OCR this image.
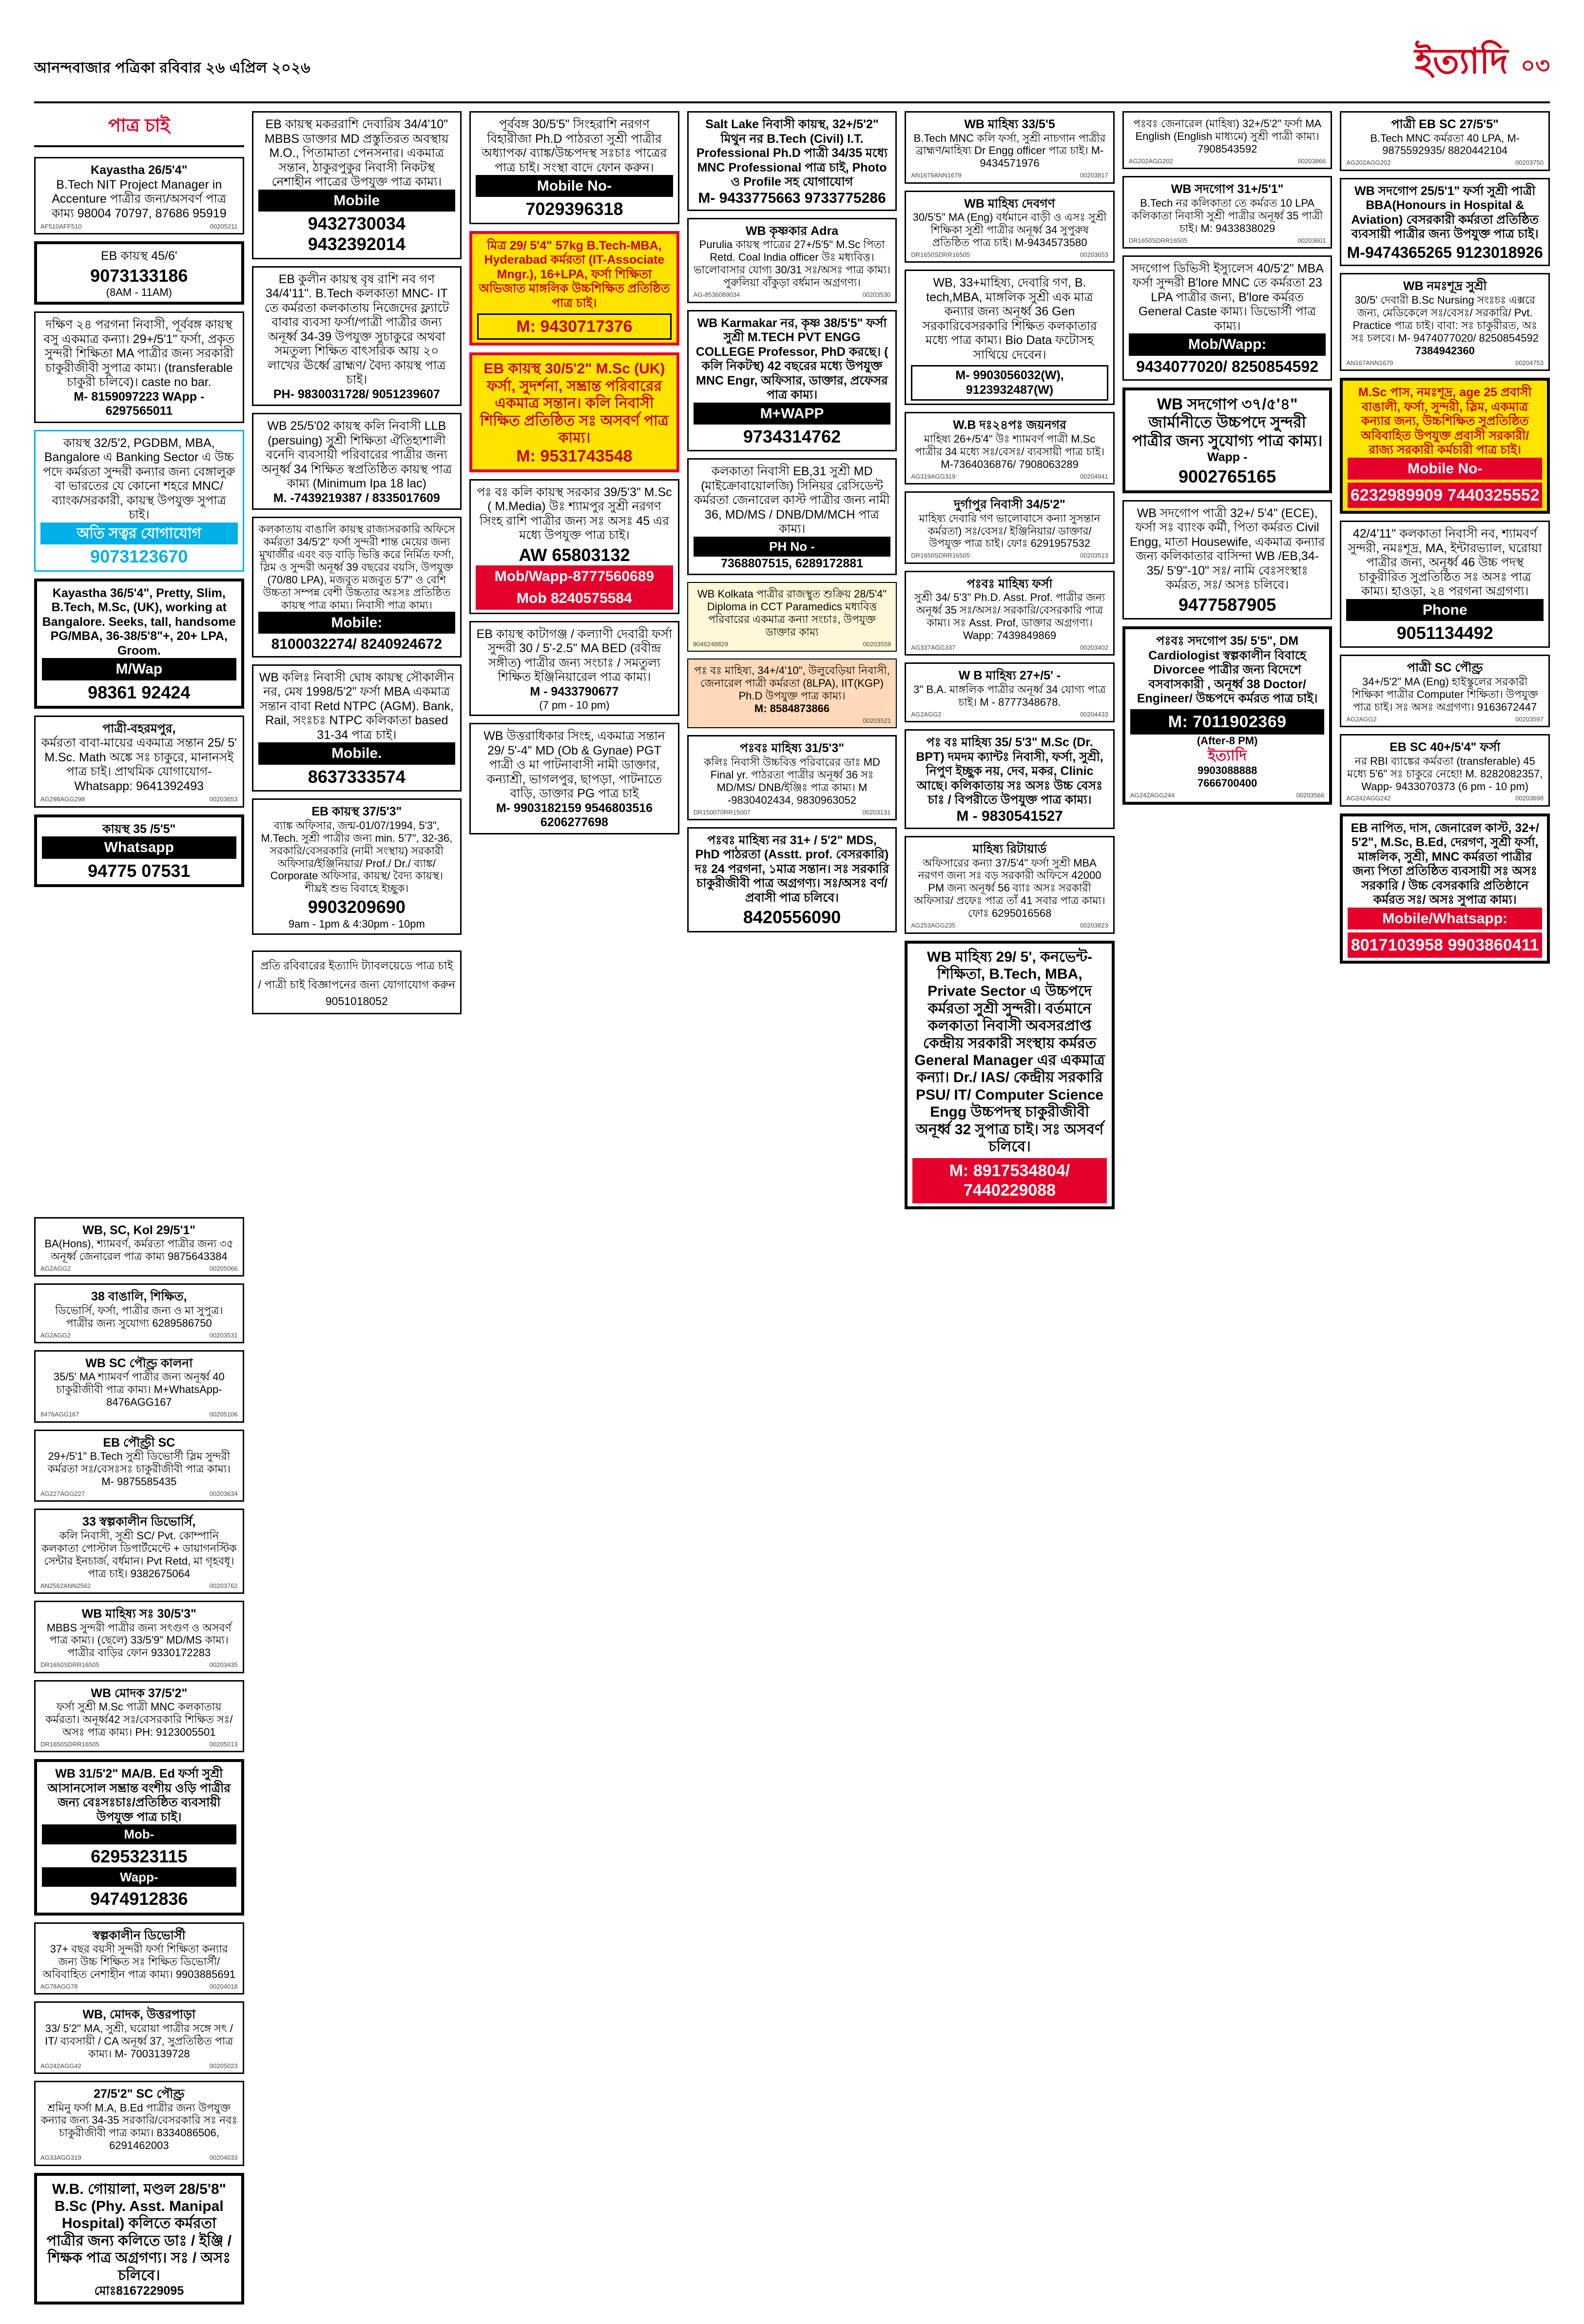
আনন্দবাজার পত্রিকা রবিবার ২৬ এপ্রিল ২০২৬	ইত্যাদি ০৩
পাত্র চাই
Kayastha 26/5'4"
B.Tech NIT Project Manager in Accenture পাত্রীর জন্য/অসবর্ণ পাত্র কাম্য 98004 70797, 87686 95919
AF510AFF510	00205211
EB কায়স্থ 45/6'
9073133186
(8AM - 11AM)
দক্ষিণ ২৪ পরগনা নিবাসী, পূর্ববঙ্গ কায়স্থ বসু একমাত্র কন্যা। 29+/5'1" ফর্সা, প্রকৃত সুন্দরী শিক্ষিতা MA পাত্রীর জন্য সরকারী চাকুরীজীবী সুপাত্র কাম্য। (transferable চাকুরী চলিবে)। caste no bar.
M- 8159097223 WApp - 6297565011
কায়স্থ 32/5'2, PGDBM, MBA, Bangalore এ Banking Sector এ উচ্চ পদে কর্মরতা সুন্দরী কন্যার জন্য বেঙ্গালুরু বা ভারতের যে কোনো শহরে MNC/ ব্যাংক/সরকারী, কায়স্থ উপযুক্ত সুপাত্র চাই।
অতি সত্বর যোগাযোগ
9073123670
Kayastha 36/5'4", Pretty, Slim, B.Tech, M.Sc, (UK), working at Bangalore. Seeks, tall, handsome PG/MBA, 36-38/5'8"+, 20+ LPA, Groom.
M/Wap
98361 92424
পাত্রী-বহরমপুর,
কর্মরতা বাবা-মায়ের একমাত্র সন্তান 25/ 5' M.Sc. Math অঙ্কে সঃ চাকুরে, মানানসই পাত্র চাই। প্রাথমিক যোগাযোগ- Whatsapp: 9641392493
AG298AGG298	00203653
কায়স্থ 35 /5'5"
Whatsapp
94775 07531
EB কায়স্থ মকররাশি দেবারিষ 34/4'10" MBBS ডাক্তার MD প্রস্তুতিরত অবস্থায় M.O., পিতামাতা পেনসনার। একমাত্র সন্তান, ঠাকুরপুকুর নিবাসী নিকটস্থ নেশাহীন পাত্রের উপযুক্ত পাত্র কাম্য।
Mobile
9432730034 9432392014
EB কুলীন কায়স্থ বৃষ রাশি নব গণ 34/4'11". B.Tech কলকাতা MNC- IT তে কর্মরতা কলকাতায় নিজেদের ফ্ল্যাটে বাবার ব্যবসা ফর্সা/পাত্রী পাত্রীর জন্য অনূর্ধ্ব 34-39 উপযুক্ত সুচাকুরে অথবা সমতুল্য শিক্ষিত বাৎসরিক আয় ২০ লাখের ঊর্ধ্বে ব্রাহ্মণ/ বৈদ্য কায়স্থ পাত্র চাই।
PH- 9830031728/ 9051239607
WB 25/5'02 কায়স্থ কলি নিবাসী LLB (persuing) সুশ্রী শিক্ষিতা ঐতিহ্যশালী বনেদি ব্যবসায়ী পরিবারের পাত্রীর জন্য অনূর্ধ্ব 34 শিক্ষিত স্বপ্রতিষ্ঠিত কায়স্থ পাত্র কাম্য (Minimum Ipa 18 lac)
M. -7439219387 / 8335017609
কলকাতায় বাঙালি কায়স্থ রাজ্যসরকারি অফিসে কর্মরতা 34/5'2" ফর্সা সুন্দরী শান্ত মেয়ের জন্য মুখার্জীর এবং বড় বাড়ি ভিত্তি করে নির্মিত ফর্সা, স্লিম ও সুন্দরী অনূর্ধ্ব 39 বছরের বয়সি, উপযুক্ত (70/80 LPA), মজবুত মজবুত 5'7" ও বেশি উচ্চতা সম্পন্ন বেশী উচ্চতার অঃসঃ প্রতিষ্ঠিত কায়স্থ পাত্র কাম্য। নিবাসী পাত্র কাম্য।
Mobile:
8100032274/ 8240924672
WB কলিঃ নিবাসী ঘোষ কায়স্থ সৌকালীন নর, মেষ 1998/5'2" ফর্সা MBA একমাত্র সন্তান বাবা Retd NTPC (AGM). Bank, Rail, সংঃচঃ NTPC কলিকাতা based 31-34 পাত্র চাই।
Mobile.
8637333574
EB কায়স্থ 37/5'3"
ব্যাঙ্ক অফিসার, জন্ম-01/07/1994, 5'3", M.Tech. সুশ্রী পাত্রীর জন্য min. 5'7", 32-36, সরকারি/বেসরকারি (নামী সংস্থায়) সরকারী অফিসার/ইঞ্জিনিয়ার/ Prof./ Dr./ ব্যাঙ্ক/ Corporate অফিসার, কায়স্থ/ বৈদ্য কায়স্থ। শীঘ্রই শুভ বিবাহে ইচ্ছুক।
9903209690
9am - 1pm & 4:30pm - 10pm
প্রতি রবিবারের ইত্যাদি ট্যাবলয়েডে পাত্র চাই / পাত্রী চাই বিজ্ঞাপনের জন্য যোগাযোগ করুন 9051018052
পূর্ববঙ্গ 30/5'5" সিংহরাশি নরগণ বিহারীজা Ph.D পাঠরতা সুশ্রী পাত্রীর অধ্যাপক/ ব্যাঙ্ক/উচ্চপদস্থ সঃচাঃ পাত্রের পাত্র চাই। সংস্থা বাদে ফোন করুন।
Mobile No-
7029396318
মিত্র 29/ 5'4" 57kg B.Tech-MBA, Hyderabad কর্মরতা (IT-Associate Mngr.), 16+LPA, ফর্সা শিক্ষিতা অভিজাত মাঙ্গলিক উচ্চশিক্ষিত প্রতিষ্ঠিত পাত্র চাই।
M: 9430717376
EB কায়স্থ 30/5'2" M.Sc (UK) ফর্সা, সুদর্শনা, সম্ভ্রান্ত পরিবারের একমাত্র সন্তান। কলি নিবাসী শিক্ষিত প্রতিষ্ঠিত সঃ অসবর্ণ পাত্র কাম্য।
M: 9531743548
পঃ বঃ কলি কায়স্থ সরকার 39/5'3" M.Sc ( M.Media) উঃ শ্যামপুর সুশ্রী নরগণ সিংহ রাশি পাত্রীর জন্য সঃ অসঃ 45 এর মধ্যে উপযুক্ত পাত্র চাই।
AW 65803132
Mob/Wapp-8777560689
Mob 8240575584
EB কায়স্থ কাটাগঞ্জ / কল্যাণী দেবারী ফর্সা সুন্দরী 30 / 5'-2.5" MA BED (রবীন্দ্র সঙ্গীত) পাত্রীর জন্য সংচাঃ / সমতুল্য শিক্ষিত ইঞ্জিনিয়ারেল পাত্র কাম্য।
M - 9433790677
(7 pm - 10 pm)
WB উত্তরাধিকার সিংহ, একমাত্র সন্তান 29/ 5'-4" MD (Ob & Gynae) PGT পাত্রী ও মা পাটনাবাসী নামী ডাক্তার, কন্যাশ্রী, ভাগলপুর, ছাপড়া, পাটনাতে বাড়ি, ডাক্তার PG পাত্র চাই
M- 9903182159 9546803516 6206277698
Salt Lake নিবাসী কায়স্থ, 32+/5'2" মিথুন নর B.Tech (Civil) I.T. Professional Ph.D পাত্রী 34/35 মধ্যে MNC Professional পাত্র চাই, Photo ও Profile সহ যোগাযোগ
M- 9433775663 9733775286
WB কৃষ্ণকার Adra
Purulia কায়স্থ পাত্রের 27+/5'5" M.Sc পিতা Retd. Coal India officer উঃ মধ্যবিত্ত। ভালোবাসার যোগ্য 30/31 সঃ/অসঃ পাত্র কাম্য। পুরুলিয়া বাঁকুড়া বর্ধমান অগ্রগণ্য।
AG-8536089034	00203530
WB Karmakar নর, কৃষ্ণ 38/5'5" ফর্সা সুশ্রী M.TECH PVT ENGG COLLEGE Professor, PhD করছে। ( কলি নিকটস্থ) 42 বছরের মধ্যে উপযুক্ত MNC Engr, অফিসার, ডাক্তার, প্রফেসর পাত্র কাম্য।
M+WAPP
9734314762
কলকাতা নিবাসী EB,31 সুশ্রী MD (মাইক্রোবায়োলজি) সিনিয়র রেসিডেন্ট কর্মরতা জেনারেল কাস্ট পাত্রীর জন্য নামী 36, MD/MS / DNB/DM/MCH পাত্র কাম্য।
PH No -
7368807515, 6289172881
WB Kolkata পাত্রীর রাজস্থুত শুক্রিয় 28/5'4" Diploma in CCT Paramedics মধ্যবিত্ত পরিবারের একমাত্র কন্যা সংচাঃ, উপযুক্ত ডাক্তার কাম্য
9046248829	00203559
পঃ বঃ মাহিষ্য, 34+/4'10", উলুবেড়িয়া নিবাসী, জেনারেল পাত্রী কর্মরতা (8LPA), IIT(KGP) Ph.D উপযুক্ত পাত্র কাম্য।
M: 8584873866
00203521
পঃবঃ মাহিষ্য 31/5'3"
কলিঃ নিবাসী উচ্চবিত্ত পরিবারের ডাঃ MD Final yr. পাঠরতা পাত্রীর অনূর্ধ্ব 36 সঃ MD/MS/ DNB/ইঞ্জিঃ পাত্র কাম্য। M -9830402434, 9830963052
DR150070RR15007	00203131
পঃবঃ মাহিষ্য নর 31+ / 5'2" MDS, PhD পাঠরতা (Asstt. prof. বেসরকারি) দঃ 24 পরগনা, ১মাত্র সন্তান। সঃ সরকারি চাকুরীজীবী পাত্র অগ্রগণ্য। সঃ/অসঃ বর্ণ/ প্রবাসী পাত্র চলিবে।
8420556090
WB মাহিষ্য 33/5'5
B.Tech MNC কলি ফর্সা, সুশ্রী নাচগান পাত্রীর ব্রাহ্মণ/মাহিষ্য Dr Engg officer পাত্র চাই। M-9434571976
AN1679ANN1679	00203817
WB মাহিষ্য দেবগণ
30/5'5" MA (Eng) বর্ধমানে বাড়ী ও এসঃ সুশ্রী শিক্ষিকা সুশ্রী পাত্রীর অনূর্ধ্ব 34 সুপুরুষ প্রতিষ্ঠিত পাত্র চাই। M-9434573580
DR1650SDRR16505	00203653
WB, 33+মাহিষ্য, দেবারি গণ, B. tech,MBA, মাঙ্গলিক সুশ্রী এক মাত্র কন্যার জন্য অনূর্ধ্ব 36 Gen সরকারিবেসরকারি শিক্ষিত কলকাতার মধ্যে পাত্র কাম্য। Bio Data ফটোসহ সাথিয়ে দেবেন।
M- 9903056032(W), 9123932487(W)
W.B দঃ২৪পঃ জয়নগর
মাহিষ্য 26+/5'4" উঃ শ্যামবর্ণ পাত্রী M.Sc পাত্রীর 34 মধ্যে সঃ/বেসঃ/ ব্যবসায়ী পাত্র চাই। M-7364036876/ 7908063289
AG319AGG319	00204941
দুর্গাপুর নিবাসী 34/5'2"
মাহিষ্য দেবারি গণ ভালোবাসে কন্যা সুসন্তান কর্মরতা) সঃ/বেসঃ/ ইঞ্জিনিয়ার/ ডাক্তার/ উপযুক্ত পাত্র চাই। ফোঃ 6291957532
DR1650SDRR16505	00203513
পঃবঃ মাহিষ্য ফর্সা
সুশ্রী 34/ 5'3" Ph.D. Asst. Prof. পাত্রীর জন্য অনূর্ধ্ব 35 সঃ/অসঃ/ সরকারি/বেসরকারি পাত্র কাম্য। সঃ Asst. Prof, ডাক্তার অগ্রগণ্য। Wapp: 7439849869
AG337AGG337	00203402
W B মাহিষ্য 27+/5' -
3" B.A. মাঙ্গলিক পাত্রীর অনূর্ধ্ব 34 যোগ্য পাত্র চাই। M - 8777348678.
AG2AGG2	00204433
পঃ বঃ মাহিষ্য 35/ 5'3" M.Sc (Dr. BPT) দমদম ক্যান্টঃ নিবাসী, ফর্সা, সুশ্রী, নিপুণ ইচ্ছুক নয়, দেব, মকর, Clinic আছে। কলিকাতায় সঃ অসঃ উচ্চ বেসঃ চাঃ / বিপরীতে উপযুক্ত পাত্র কাম্য।
M - 9830541527
মাহিষ্য রিটায়ার্ড
অফিসারের কন্যা 37/5'4" ফর্সা সুশ্রী MBA নরগণ জন্য সঃ বড় সরকারী অফিসে 42000 PM জন্য অনূর্ধ্ব 56 ব্যাঃ অসঃ সরকারী অফিসার/ প্রফেঃ পাত্র তাঁ 41 সবার পাত্র কাম্য। ফোঃ 6295016568
AG253AGG235	00203823
WB মাহিষ্য 29/ 5', কনভেন্ট-শিক্ষিতা, B.Tech, MBA, Private Sector এ উচ্চপদে কর্মরতা সুশ্রী সুন্দরী। বর্তমানে কলকাতা নিবাসী অবসরপ্রাপ্ত কেন্দ্রীয় সরকারী সংস্থায় কর্মরত General Manager এর একমাত্র কন্যা। Dr./ IAS/ কেন্দ্রীয় সরকারি PSU/ IT/ Computer Science Engg উচ্চপদস্থ চাকুরীজীবী অনূর্ধ্ব 32 সুপাত্র চাই। সঃ অসবর্ণ চলিবে।
M: 8917534804/ 7440229088
পঃবঃ জেনারেল (মাহিষ্য) 32+/5'2" ফর্সা MA English (English মাধ্যমে) সুশ্রী পাত্রী কাম্য। 7908543592
AG202AGG202	00203866
WB সদগোপ 31+/5'1"
B.Tech নর কলিকাতা তে কর্মরত 10 LPA কলিকাতা নিবাসী সুশ্রী পাত্রীর অনূর্ধ্ব 35 পাত্রী চাই। M: 9433838029
DR1650SDRR16505	00203601
সদগোপ ডিভিসী ইস্যুলেস 40/5'2" MBA ফর্সা সুন্দরী B'lore MNC তে কর্মরতা 23 LPA পাত্রীর জন্য, B'lore কর্মরত General Caste কাম্য। ডিভোর্সী পাত্র কাম্য।
Mob/Wapp:
9434077020/ 8250854592
WB সদগোপ ৩৭/৫'৪" জার্মানীতে উচ্চপদে সুন্দরী পাত্রীর জন্য সুযোগ্য পাত্র কাম্য।
Wapp -
9002765165
WB সদগোপ পাত্রী 32+/ 5'4" (ECE), ফর্সা সঃ ব্যাংক কর্মী, পিতা কর্মরত Civil Engg, মাতা Housewife, একমাত্র কন্যার জন্য কলিকাতার বাসিন্দা WB /EB,34- 35/ 5'9"-10" সঃ/ নামি বেঃসংস্থাঃ কর্মরত, সঃ/ অসঃ চলিবে।
9477587905
পঃবঃ সদগোপ 35/ 5'5", DM Cardiologist স্বল্পকালীন বিবাহে Divorcee পাত্রীর জন্য বিদেশে বসবাসকারী , অনূর্ধ্ব 38 Doctor/ Engineer/ উচ্চপদে কর্মরত পাত্র চাই।
M: 7011902369
(After-8 PM)
ইত্যাদি
9903088888
7666700400
AG242AGG244	00203566
পাত্রী EB SC 27/5'5"
B.Tech MNC কর্মরতা 40 LPA, M-9875592935/ 8820442104
AG202AGG202	00203750
WB সদগোপ 25/5'1" ফর্সা সুশ্রী পাত্রী BBA(Honours in Hospital & Aviation) বেসরকারী কর্মরতা প্রতিষ্ঠিত ব্যবসায়ী পাত্রীর জন্য উপযুক্ত পাত্র চাই।
M-9474365265 9123018926
WB নমঃশূদ্র সুশ্রী
30/5' দেবারী B.Sc Nursing সংঃচঃ এক্সরে জন্য, মেডিকেলে সঃ/বেসঃ/ সরকারি/ Pvt. Practice পাত্র চাই। বাবা: সঃ চাকুরীরত, অঃ সঃ চলবে। M- 9474077020/ 8250854592
7384942360
AN167ANN1679	00204753
M.Sc পাস, নমঃশূদ্র, age 25 প্রবাসী বাঙালী, ফর্সা, সুন্দরী, স্লিম, একমাত্র কন্যার জন্য, উচ্চশিক্ষিত সুপ্রতিষ্ঠিত অবিবাহিত উপযুক্ত প্রবাসী সরকারী/ রাজ্য সরকারী কর্মচারী পাত্র চাই।
Mobile No-
6232989909 7440325552
42/4'11" কলকাতা নিবাসী নব, শ্যামবর্ণ সুন্দরী, নমঃশূদ্র, MA, ইন্টারভ্যাল, ঘরোয়া পাত্রীর জন্য, অনূর্ধ্ব 46 উচ্চ পদস্থ চাকুরীরিত সুপ্রতিষ্ঠিত সঃ অসঃ পাত্র কাম্য। হাওড়া, ২৪ পরগনা অগ্রগণ্য।
Phone
9051134492
পাত্রী SC পৌণ্ড্র
34+/5'2" MA (Eng) হাইস্কুলের সরকারী শিক্ষিকা পাত্রীর Computer শিক্ষিতা। উপযুক্ত পাত্র চাই। সঃ অসঃ অগ্রগণ্য। 9163672447
AG2AGG2	00203597
EB SC 40+/5'4" ফর্সা
নর RBI ব্যাঙ্কের কর্মরতা (transferable) 45 মধ্যে 5'6" সঃ চাকুরে নেহো! M. 8282082357, Wapp- 9433070373 (6 pm - 10 pm)
AG242AGG242	00203698
EB নাপিত, দাস, জেনারেল কাস্ট, 32+/ 5'2", M.Sc, B.Ed, দেরগণ, সুশ্রী ফর্সা, মাঙ্গলিক, সুশ্রী, MNC কর্মরতা পাত্রীর জন্য পিতা প্রতিষ্ঠিত ব্যবসায়ী সঃ অসঃ সরকারি / উচ্চ বেসরকারি প্রতিষ্ঠানে কর্মরত সঃ/ অসঃ সুপাত্র কাম্য।
Mobile/Whatsapp:
8017103958 9903860411
WB, SC, Kol 29/5'1"
BA(Hons), শ্যামবর্ণ, কর্মরতা পাত্রীর জন্য ৩৫ অনূর্ধ্ব জেনারেল পাত্র কাম্য 9875643384
AG2AGG2	00205066
38 বাঙালি, শিক্ষিত,
ডিভোর্সি, ফর্সা, পাত্রীর জন্য ও মা সুপুত্র। পাত্রীর জন্য সুযোগ্য 6289586750
AG2AGG2	00203531
WB SC পৌণ্ড্র কালনা
35/5' MA শ্যামবর্ণ পাত্রীর জন্য অনূর্ধ্ব 40 চাকুরীজীবী পাত্র কাম্য। M+WhatsApp-8476AGG167
8476AGG167	00205106
EB পৌণ্ড্রী SC
29+/5'1" B.Tech সুশ্রী ডিভোর্সী স্লিম সুন্দরী কর্মরতা সঃ/বেসঃসঃ চাকুরীজীবী পাত্র কাম্য। M- 9875585435
AG227AGG227	00203634
33 স্বল্পকালীন ডিভোর্সি,
কলি নিবাসী, সুশ্রী SC/ Pvt. কোম্পানি কলকাতা পোস্টাল ডিপার্টমেন্টে + ডায়াগনস্টিক সেন্টার ইনচার্জ, বর্ধমান। Pvt Retd, মা গৃহবধূ। পাত্র চাই। 9382675064
AN2562ANN2562	00203762
WB মাহিষ্য সঃ 30/5'3"
MBBS সুন্দরী পাত্রীর জন্য সৎগুণ ও অসবর্ণ পাত্র কাম্য। (ছেলে) 33/5'9" MD/MS কাম্য। পাত্রীর বাড়ির ফোন 9330172283
DR1650SDRR16505	00203435
WB মোদক 37/5'2"
ফর্সা সুশ্রী M.Sc পাত্রী MNC কলকাতায় কর্মরতা। অনূর্ধ্ব42 সঃ/বেসরকারি শিক্ষিত সঃ/অসঃ পাত্র কাম্য। PH: 9123005501
DR1650SDRR16505	00205013
WB 31/5'2" MA/B. Ed ফর্সা সুশ্রী আসানসোল সম্ভ্রান্ত বংশীয় ওড়ি পাত্রীর জন্য বেঃসঃচাঃ/প্রতিষ্ঠিত ব্যবসায়ী উপযুক্ত পাত্র চাই।
Mob-
6295323115
Wapp-
9474912836
স্বল্পকালীন ডিভোর্সী
37+ বছর বয়সী সুন্দরী ফর্সা শিক্ষিতা কন্যার জন্য উচ্চ শিক্ষিত সঃ শিক্ষিত ডিভোর্সী/ অবিবাহিত নেশাহীন পাত্র কাম্য। 9903885691
AG78AGG78	00204018
WB, মোদক, উত্তরপাড়া
33/ 5'2" MA, সুশ্রী, ঘরোয়া পাত্রীর সঙ্গে সৎ / IT/ ব্যবসায়ী / CA অনূর্ধ্ব 37, সুপ্রতিষ্ঠিত পাত্র কাম্য। M- 7003139728
AG242AGG42	00205023
27/5'2" SC পৌণ্ড্র
শ্রমিনু ফর্সা M.A, B.Ed পাত্রীর জন্য উপযুক্ত কন্যার জন্য 34-35 সরকারি/বেসরকারি সঃ নবঃ চাকুরীজীবী পাত্র কাম্য। 8334086506, 6291462003
AG33AGG319	00204033
W.B. গোয়ালা, মণ্ডল 28/5'8" B.Sc (Phy. Asst. Manipal Hospital) কলিতে কর্মরতা পাত্রীর জন্য কলিতে ডাঃ / ইঞ্জি / শিক্ষক পাত্র অগ্রগণ্য। সঃ / অসঃ চলিবে।
মোঃ8167229095
